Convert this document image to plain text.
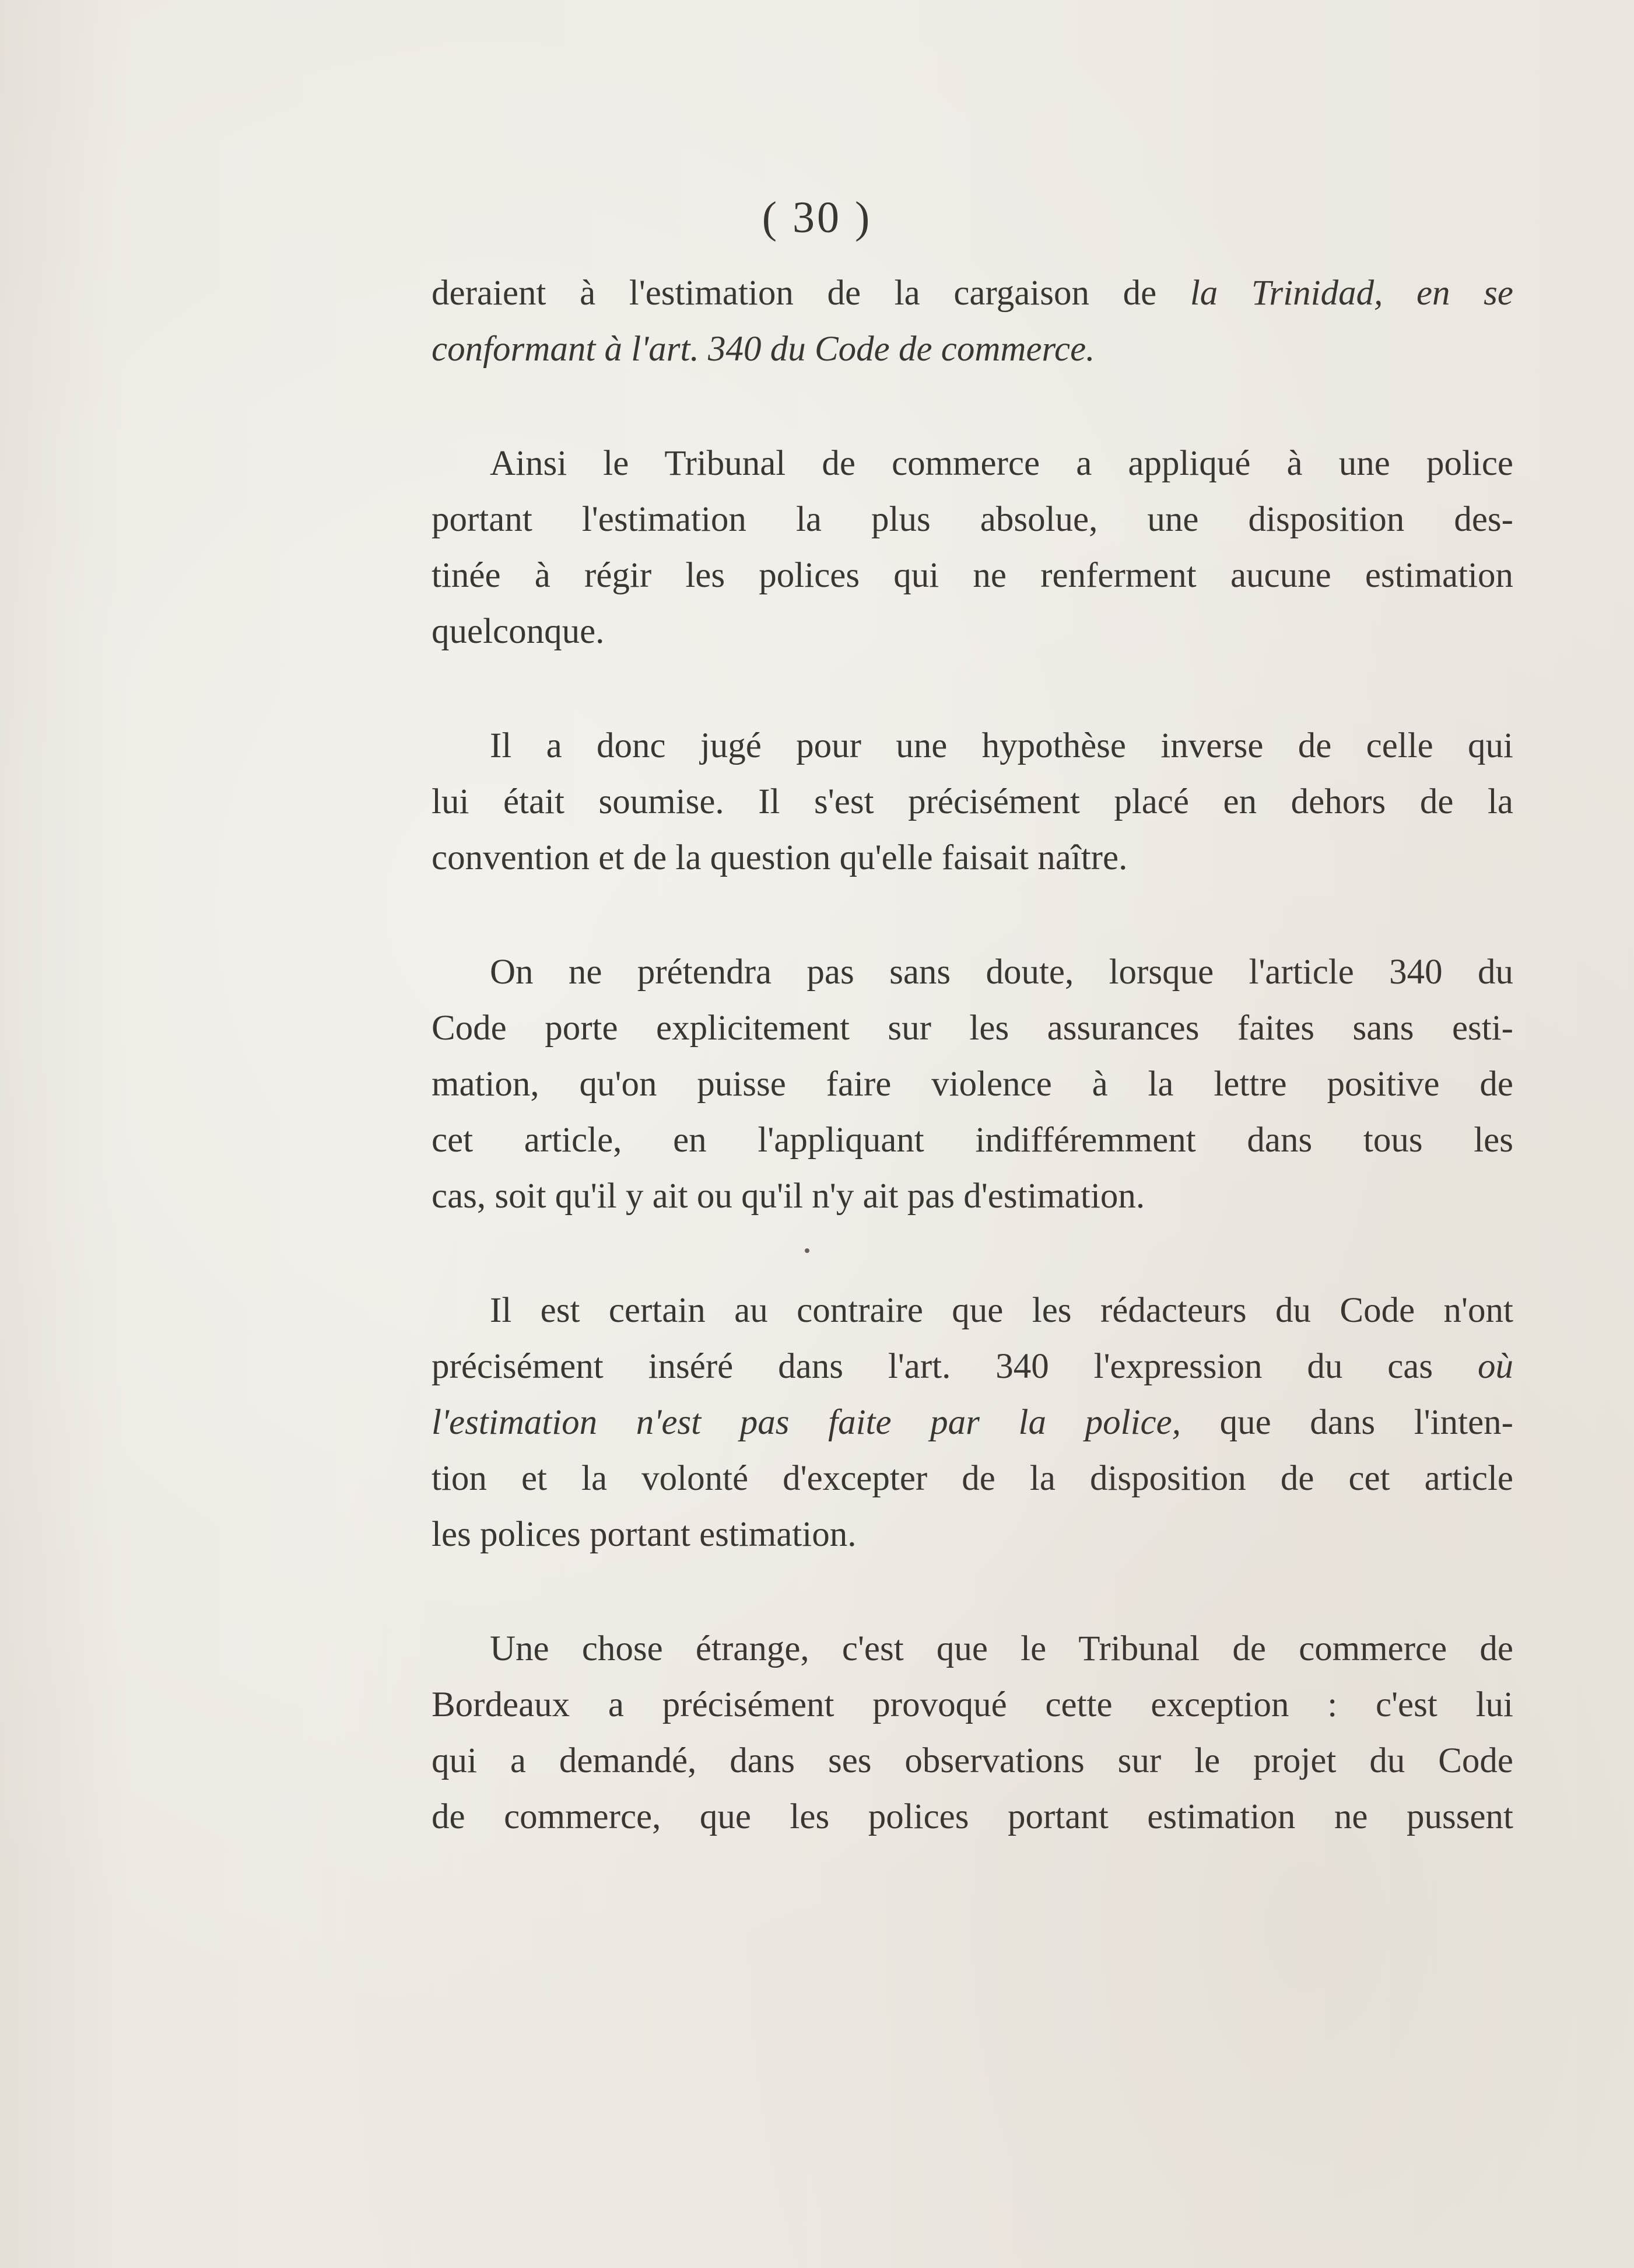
( 30 )

deraient à l'estimation de la cargaison de la Trinidad, en se
conformant à l'art. 340 du Code de commerce.

Ainsi le Tribunal de commerce a appliqué à une police
portant l'estimation la plus absolue, une disposition des-
tinée à régir les polices qui ne renferment aucune estimation
quelconque.

Il a donc jugé pour une hypothèse inverse de celle qui
lui était soumise. Il s'est précisément placé en dehors de la
convention et de la question qu'elle faisait naître.

On ne prétendra pas sans doute, lorsque l'article 340 du
Code porte explicitement sur les assurances faites sans esti-
mation, qu'on puisse faire violence à la lettre positive de
cet article, en l'appliquant indifféremment dans tous les
cas, soit qu'il y ait ou qu'il n'y ait pas d'estimation.

Il est certain au contraire que les rédacteurs du Code n'ont
précisément inséré dans l'art. 340 l'expression du cas où
l'estimation n'est pas faite par la police, que dans l'inten-
tion et la volonté d'excepter de la disposition de cet article
les polices portant estimation.

Une chose étrange, c'est que le Tribunal de commerce de
Bordeaux a précisément provoqué cette exception : c'est lui
qui a demandé, dans ses observations sur le projet du Code
de commerce, que les polices portant estimation ne pussent
